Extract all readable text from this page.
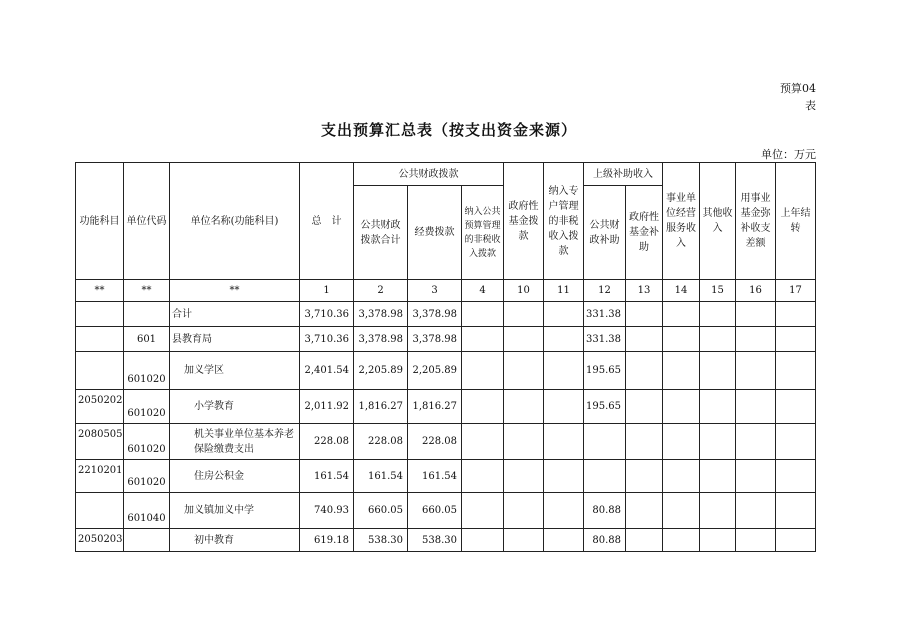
预算04
表
支出预算汇总表（按支出资金来源）
单位：万元
功能科目	单位代码	单位名称(功能科目)	总　计	公共财政拨款			政府性基金拨款	纳入专户管理的非税收入拨款	上级补助收入		事业单位经营服务收入	其他收入	用事业基金弥补收支差额	上年结转
				公共财政拨款合计	经费拨款	纳入公共预算管理的非税收入拨款			公共财政补助	政府性基金补助				
**	**	**	1	2	3	4	10	11	12	13	14	15	16	17
		合计	3,710.36	3,378.98	3,378.98				331.38					
	601	县教育局	3,710.36	3,378.98	3,378.98				331.38					
	601020	加义学区	2,401.54	2,205.89	2,205.89				195.65					
2050202	601020	小学教育	2,011.92	1,816.27	1,816.27				195.65					
2080505	601020	机关事业单位基本养老保险缴费支出	228.08	228.08	228.08									
2210201	601020	住房公积金	161.54	161.54	161.54									
	601040	加义镇加义中学	740.93	660.05	660.05				80.88					
2050203		初中教育	619.18	538.30	538.30				80.88					
